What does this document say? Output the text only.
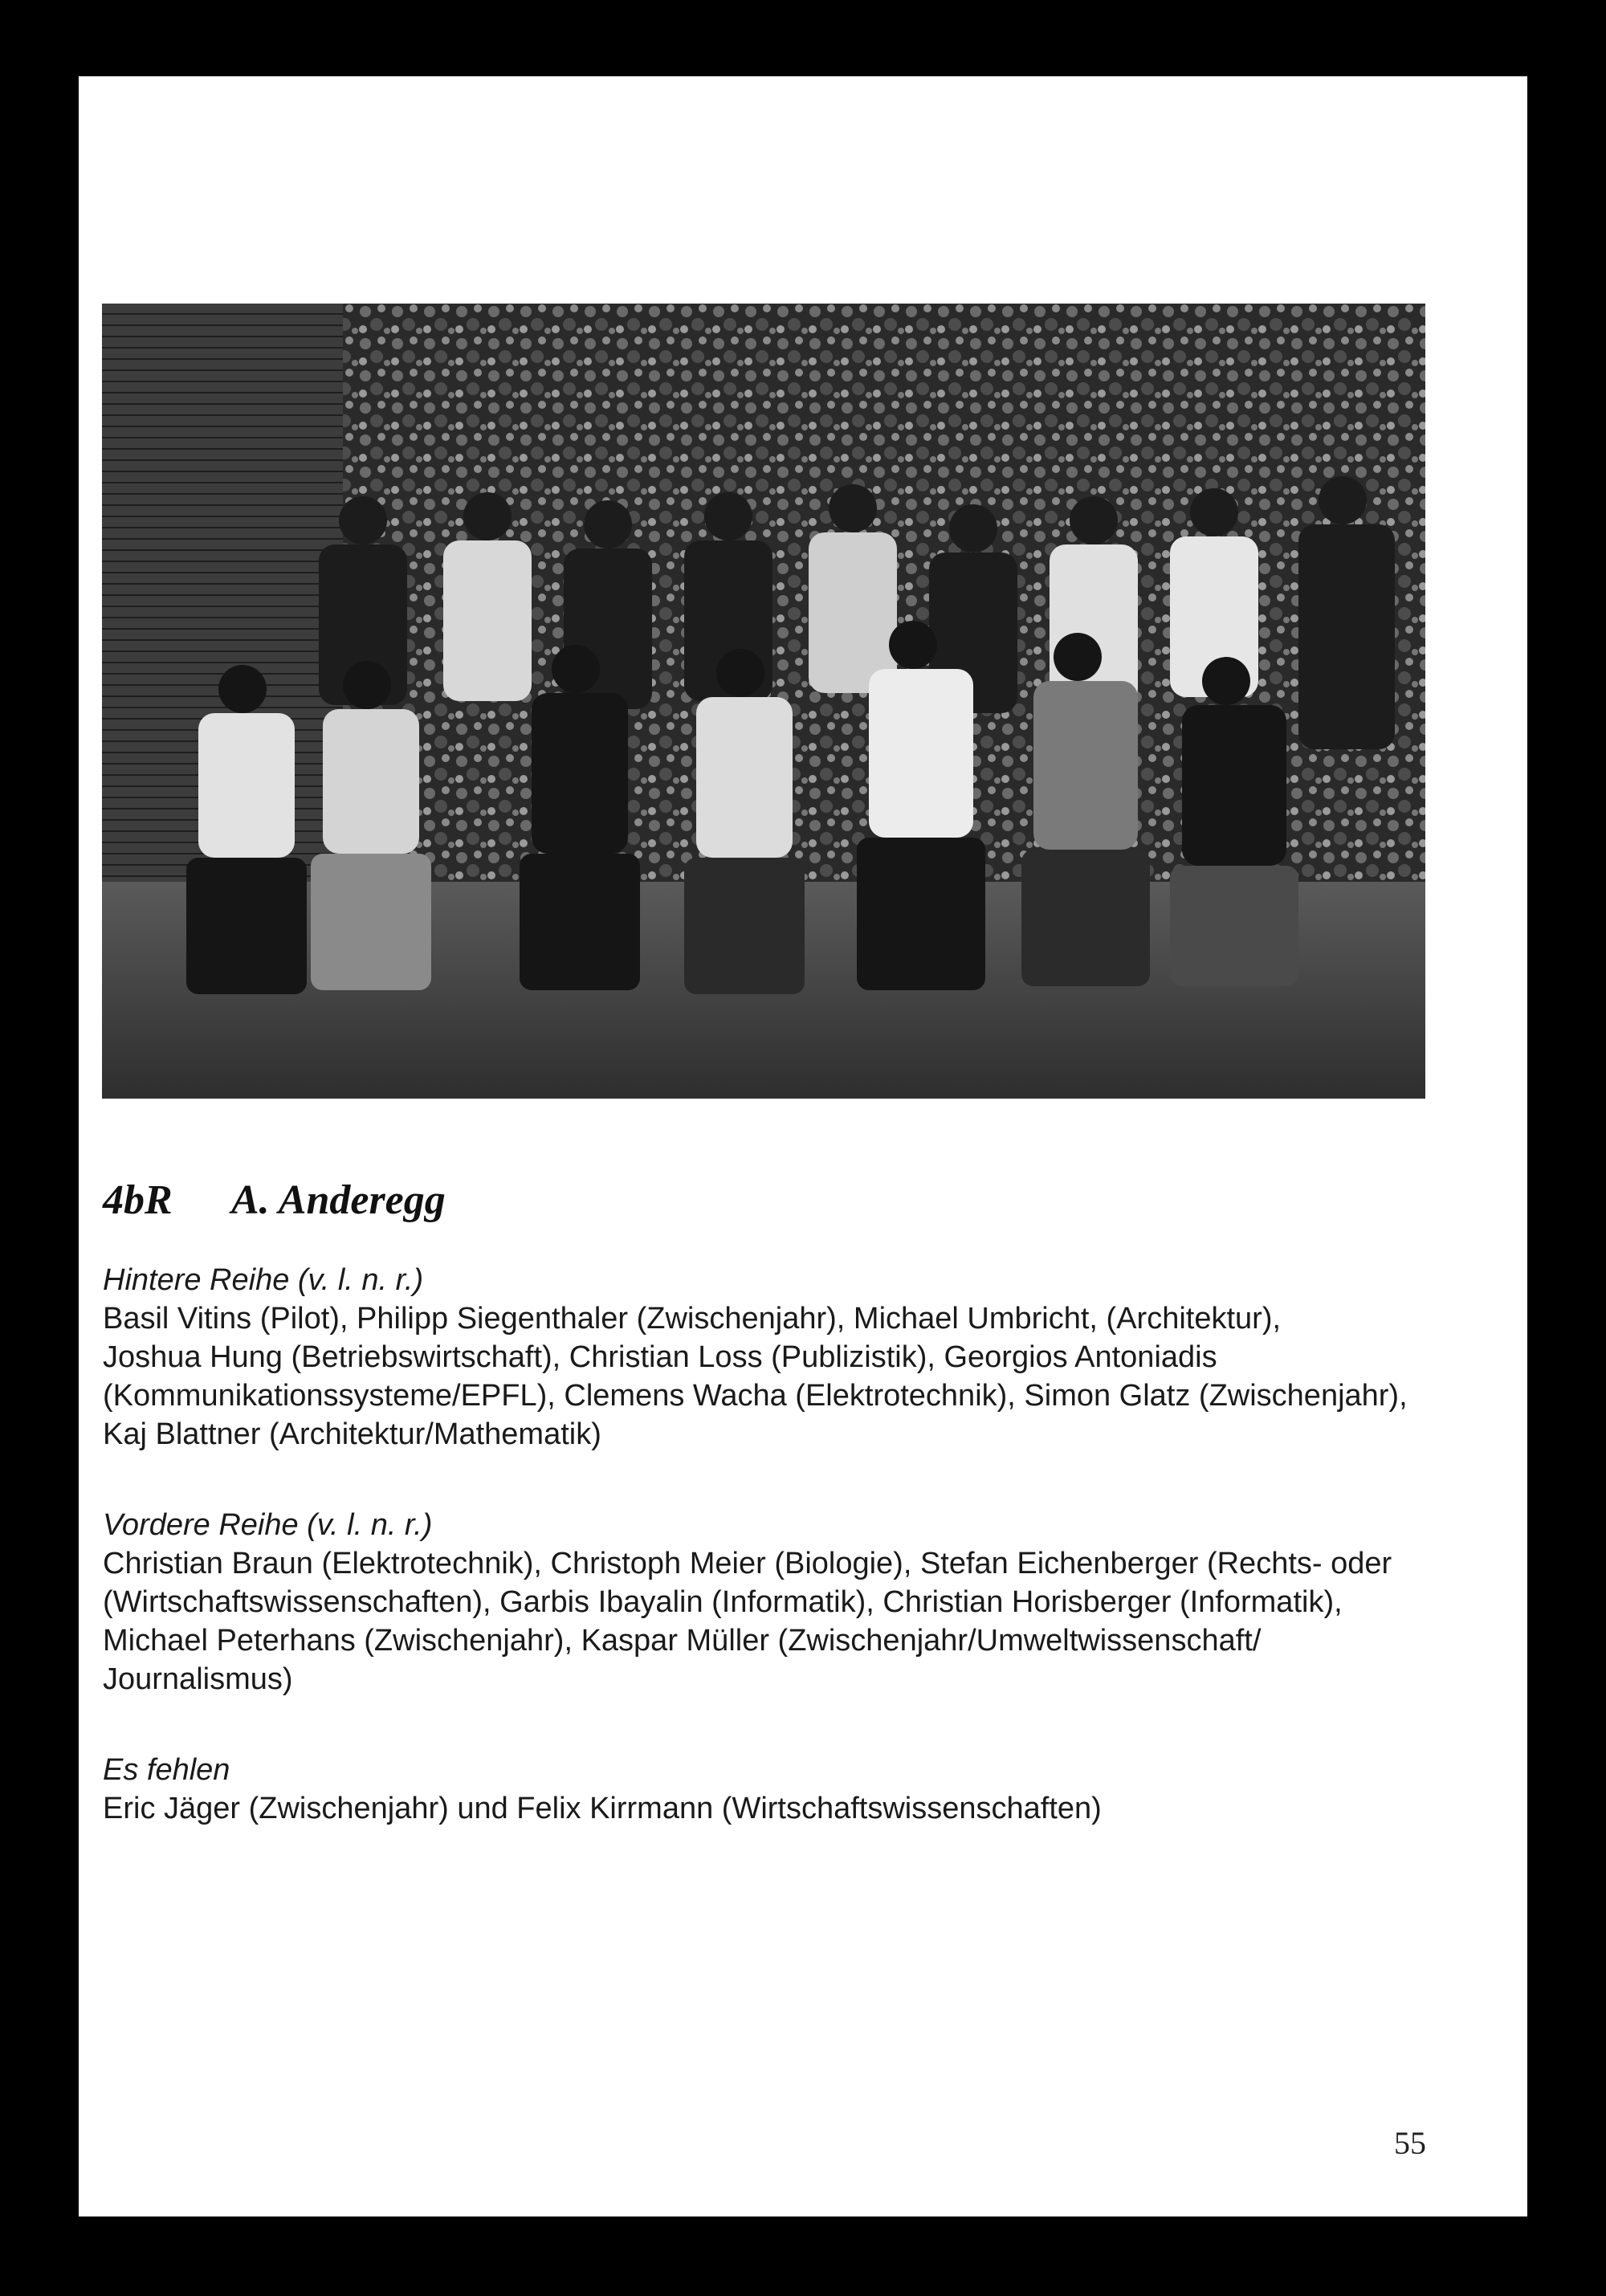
4bR A. Anderegg

Hintere Reihe (v. l. n. r.)

Basil Vitins (Pilot), Philipp Siegenthaler (Zwischenjahr), Michael Umbricht, (Architektur),

Joshua Hung (Betriebswirtschaft), Christian Loss (Publizistik), Georgios Antoniadis

(Kommunikationssysteme/EPFL), Clemens Wacha (Elektrotechnik), Simon Glatz (Zwischenjahr),

Kaj Blattner (Architektur/Mathematik)

Vordere Reihe (v. l. n. r.)

Christian Braun (Elektrotechnik), Christoph Meier (Biologie), Stefan Eichenberger (Rechts- oder

(Wirtschaftswissenschaften), Garbis Ibayalin (Informatik), Christian Horisberger (Informatik),

Michael Peterhans (Zwischenjahr), Kaspar Müller (Zwischenjahr/Umweltwissenschaft/

Journalismus)

Es fehlen

Eric Jäger (Zwischenjahr) und Felix Kirrmann (Wirtschaftswissenschaften)

55
